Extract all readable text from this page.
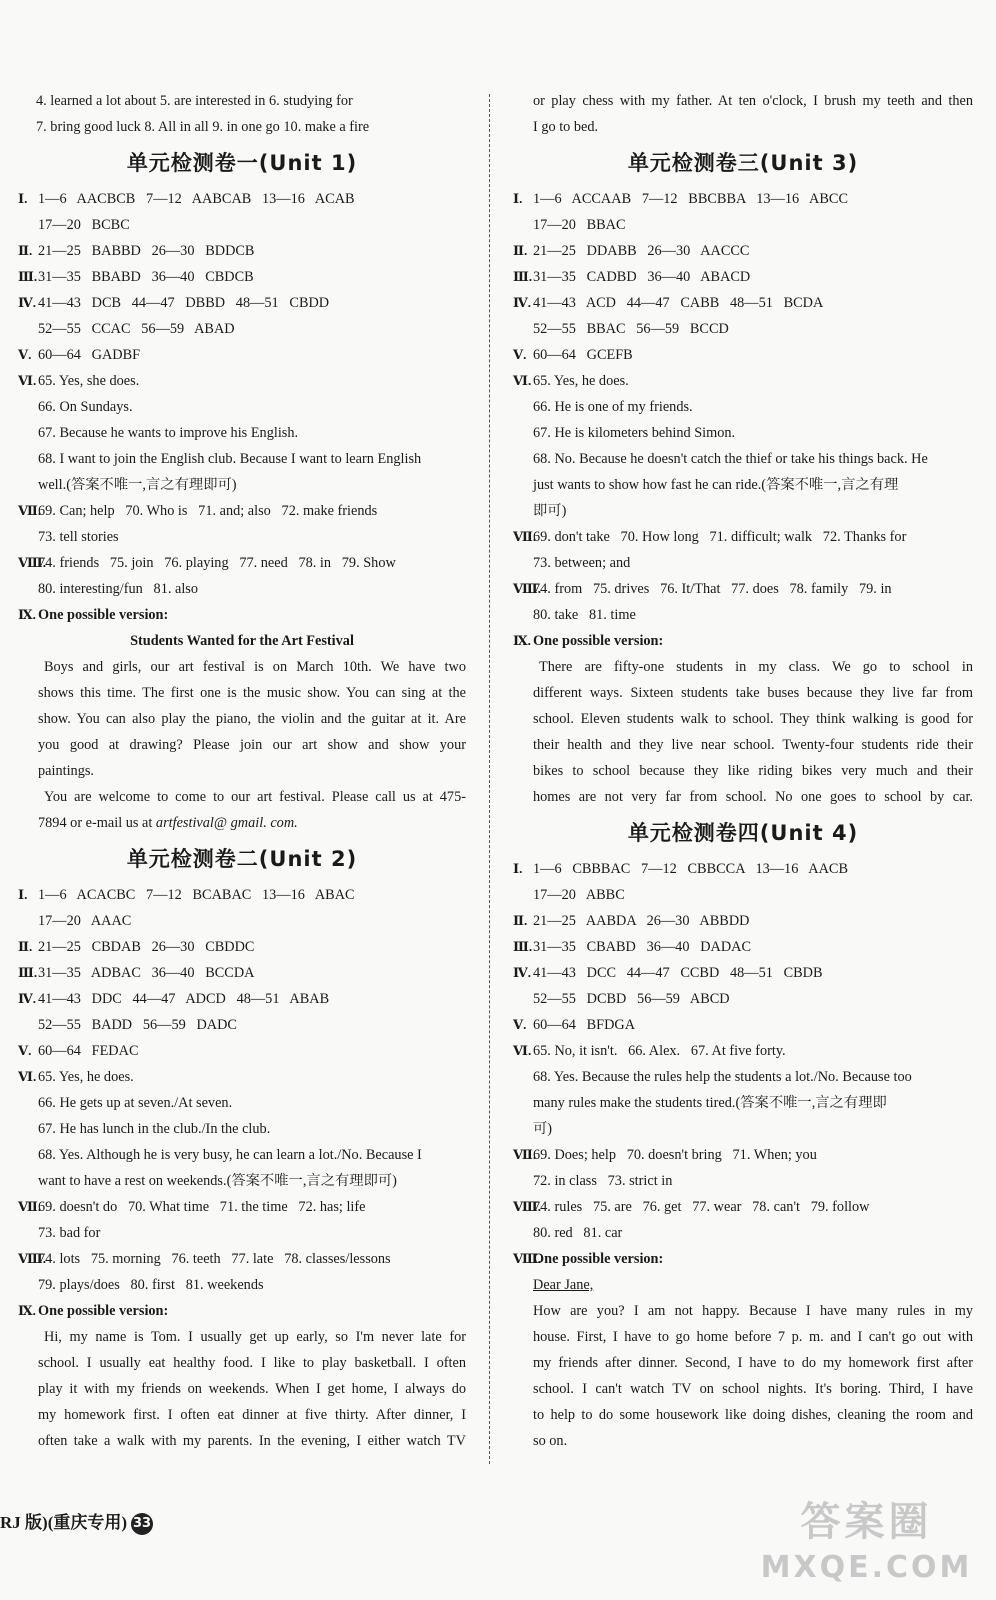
4. learned a lot about 5. are interested in 6. studying for
7. bring good luck 8. All in all 9. in one go 10. make a fire
单元检测卷一(Unit 1)
Ⅰ. 1—6   AACBCB   7—12   AABCAB   13—16   ACAB
17—20   BCBC
Ⅱ. 21—25   BABBD   26—30   BDDCB
Ⅲ.31—35   BBABD   36—40   CBDCB
Ⅳ. 41—43   DCB   44—47   DBBD   48—51   CBDD
52—55   CCAC   56—59   ABAD
Ⅴ. 60—64   GADBF
Ⅵ. 65. Yes, she does.
66. On Sundays.
67. Because he wants to improve his English.
68. I want to join the English club. Because I want to learn English
well.(答案不唯一,言之有理即可)
Ⅶ.69. Can; help   70. Who is   71. and; also   72. make friends
73. tell stories
Ⅷ.74. friends   75. join   76. playing   77. need   78. in   79. Show
80. interesting/fun   81. also
Ⅸ. One possible version:
Students Wanted for the Art Festival
Boys and girls, our art festival is on March 10th. We have two
shows this time. The first one is the music show. You can sing at the
show. You can also play the piano, the violin and the guitar at it. Are
you good at drawing? Please join our art show and show your
paintings.
You are welcome to come to our art festival. Please call us at 475-
7894 or e-mail us at artfestival@ gmail. com.
单元检测卷二(Unit 2)
Ⅰ. 1—6   ACACBC   7—12   BCABAC   13—16   ABAC
17—20   AAAC
Ⅱ. 21—25   CBDAB   26—30   CBDDC
Ⅲ.31—35   ADBAC   36—40   BCCDA
Ⅳ. 41—43   DDC   44—47   ADCD   48—51   ABAB
52—55   BADD   56—59   DADC
Ⅴ. 60—64   FEDAC
Ⅵ. 65. Yes, he does.
66. He gets up at seven./At seven.
67. He has lunch in the club./In the club.
68. Yes. Although he is very busy, he can learn a lot./No. Because I
want to have a rest on weekends.(答案不唯一,言之有理即可)
Ⅶ.69. doesn't do   70. What time   71. the time   72. has; life
73. bad for
Ⅷ.74. lots   75. morning   76. teeth   77. late   78. classes/lessons
79. plays/does   80. first   81. weekends
Ⅸ. One possible version:
Hi, my name is Tom. I usually get up early, so I'm never late for
school. I usually eat healthy food. I like to play basketball. I often
play it with my friends on weekends. When I get home, I always do
my homework first. I often eat dinner at five thirty. After dinner, I
often take a walk with my parents. In the evening, I either watch TV
or play chess with my father. At ten o'clock, I brush my teeth and then
I go to bed.
单元检测卷三(Unit 3)
Ⅰ. 1—6   ACCAAB   7—12   BBCBBA   13—16   ABCC
17—20   BBAC
Ⅱ. 21—25   DDABB   26—30   AACCC
Ⅲ.31—35   CADBD   36—40   ABACD
Ⅳ. 41—43   ACD   44—47   CABB   48—51   BCDA
52—55   BBAC   56—59   BCCD
Ⅴ. 60—64   GCEFB
Ⅵ. 65. Yes, he does.
66. He is one of my friends.
67. He is kilometers behind Simon.
68. No. Because he doesn't catch the thief or take his things back. He
just wants to show how fast he can ride.(答案不唯一,言之有理
即可)
Ⅶ.69. don't take   70. How long   71. difficult; walk   72. Thanks for
73. between; and
Ⅷ.74. from   75. drives   76. It/That   77. does   78. family   79. in
80. take   81. time
Ⅸ. One possible version:
There are fifty-one students in my class. We go to school in
different ways. Sixteen students take buses because they live far from
school. Eleven students walk to school. They think walking is good for
their health and they live near school. Twenty-four students ride their
bikes to school because they like riding bikes very much and their
homes are not very far from school. No one goes to school by car.
单元检测卷四(Unit 4)
Ⅰ. 1—6   CBBBAC   7—12   CBBCCA   13—16   AACB
17—20   ABBC
Ⅱ. 21—25   AABDA   26—30   ABBDD
Ⅲ.31—35   CBABD   36—40   DADAC
Ⅳ. 41—43   DCC   44—47   CCBD   48—51   CBDB
52—55   DCBD   56—59   ABCD
Ⅴ. 60—64   BFDGA
Ⅵ. 65. No, it isn't.   66. Alex.   67. At five forty.
68. Yes. Because the rules help the students a lot./No. Because too
many rules make the students tired.(答案不唯一,言之有理即
可)
Ⅶ.69. Does; help   70. doesn't bring   71. When; you
72. in class   73. strict in
Ⅷ.74. rules   75. are   76. get   77. wear   78. can't   79. follow
80. red   81. car
Ⅷ.One possible version:
Dear Jane,
How are you? I am not happy. Because I have many rules in my
house. First, I have to go home before 7 p. m. and I can't go out with
my friends after dinner. Second, I have to do my homework first after
school. I can't watch TV on school nights. It's boring. Third, I have
to help to do some housework like doing dishes, cleaning the room and
so on.
RJ 版)(重庆专用) 33	答案圈
MXQE.COM
